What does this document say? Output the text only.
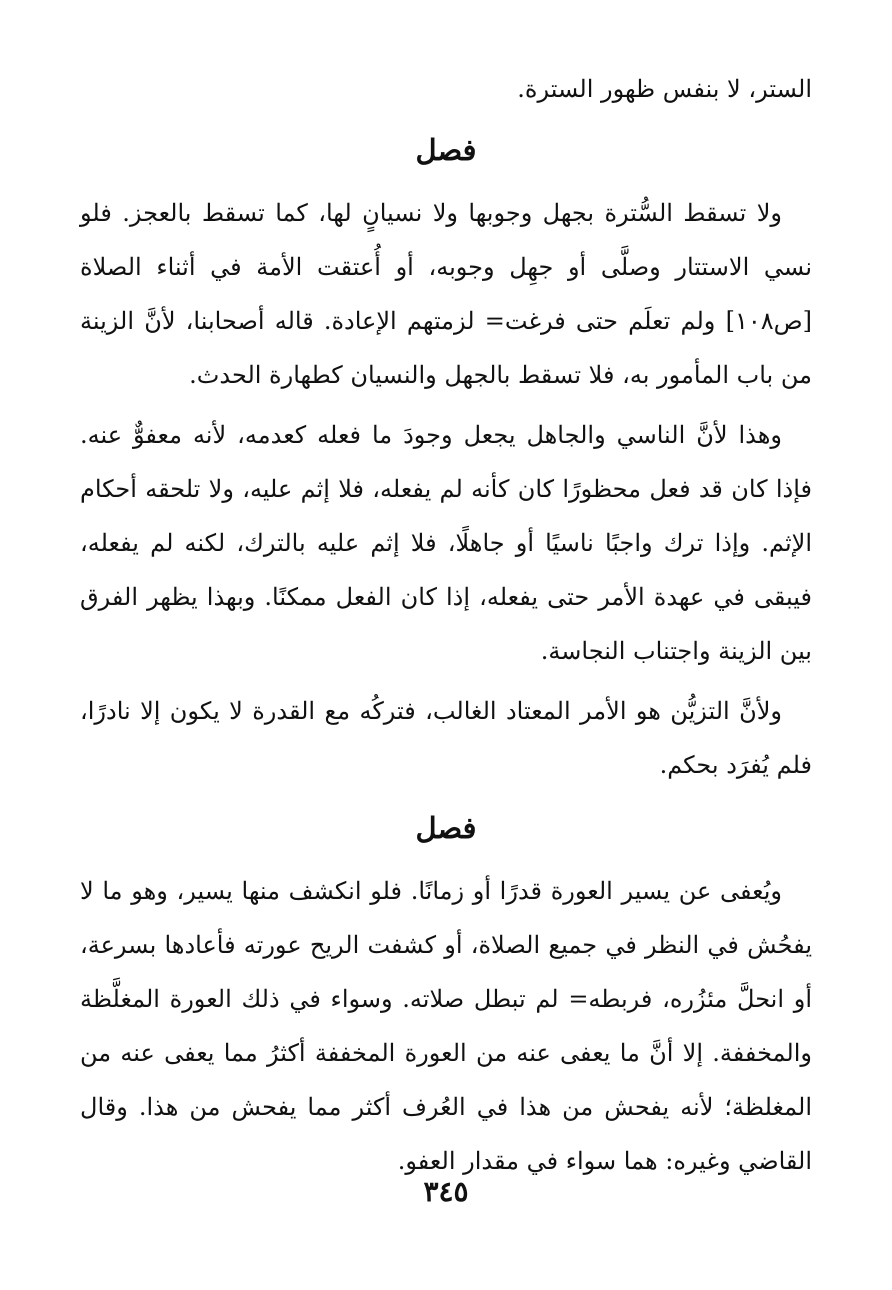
الستر، لا بنفس ظهور السترة.

فصل

ولا تسقط السُّترة بجهل وجوبها ولا نسيانٍ لها، كما تسقط بالعجز. فلو نسي الاستتار وصلَّى أو جهِل وجوبه، أو أُعتقت الأمة في أثناء الصلاة [ص١٠٨] ولم تعلَم حتى فرغت= لزمتهم الإعادة. قاله أصحابنا، لأنَّ الزينة من باب المأمور به، فلا تسقط بالجهل والنسيان كطهارة الحدث.

وهذا لأنَّ الناسي والجاهل يجعل وجودَ ما فعله كعدمه، لأنه معفوٌّ عنه. فإذا كان قد فعل محظورًا كان كأنه لم يفعله، فلا إثم عليه، ولا تلحقه أحكام الإثم. وإذا ترك واجبًا ناسيًا أو جاهلًا، فلا إثم عليه بالترك، لكنه لم يفعله، فيبقى في عهدة الأمر حتى يفعله، إذا كان الفعل ممكنًا. وبهذا يظهر الفرق بين الزينة واجتناب النجاسة.

ولأنَّ التزيُّن هو الأمر المعتاد الغالب، فتركُه مع القدرة لا يكون إلا نادرًا، فلم يُفرَد بحكم.

فصل

ويُعفى عن يسير العورة قدرًا أو زمانًا. فلو انكشف منها يسير، وهو ما لا يفحُش في النظر في جميع الصلاة، أو كشفت الريح عورته فأعادها بسرعة، أو انحلَّ مئزُره، فربطه= لم تبطل صلاته. وسواء في ذلك العورة المغلَّظة والمخففة. إلا أنَّ ما يعفى عنه من العورة المخففة أكثرُ مما يعفى عنه من المغلظة؛ لأنه يفحش من هذا في العُرف أكثر مما يفحش من هذا. وقال القاضي وغيره: هما سواء في مقدار العفو.

٣٤٥
